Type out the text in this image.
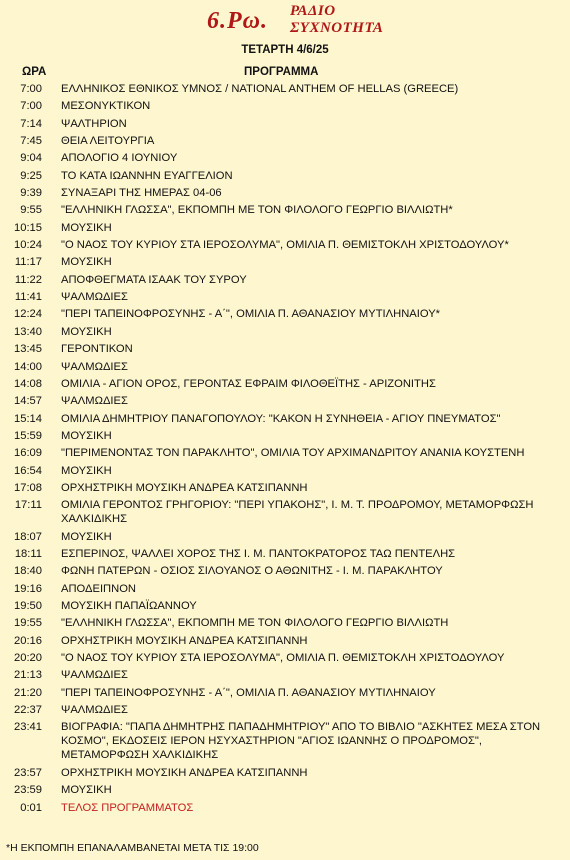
6.Ρω. ΡΑΔΙΟ
ΣΥΧΝΟΤΗΤΑ
ΤΕΤΑΡΤΗ 4/6/25
ΩΡΑ	ΠΡΟΓΡΑΜΜΑ
7:00 ΕΛΛΗΝΙΚΟΣ ΕΘΝΙΚΟΣ ΥΜΝΟΣ / NATIONAL ANTHEM OF HELLAS (GREECE)
7:00 ΜΕΣΟΝΥΚΤΙΚΟΝ
7:14 ΨΑΛΤΗΡΙΟΝ
7:45 ΘΕΙΑ ΛΕΙΤΟΥΡΓΙΑ
9:04 ΑΠΟΛΟΓΙΟ 4 ΙΟΥΝΙΟΥ
9:25 ΤΟ ΚΑΤΑ ΙΩΑΝΝΗΝ ΕΥΑΓΓΕΛΙΟΝ
9:39 ΣΥΝΑΞΑΡΙ ΤΗΣ ΗΜΕΡΑΣ 04-06
9:55 "ΕΛΛΗΝΙΚΗ ΓΛΩΣΣΑ", ΕΚΠΟΜΠΗ ΜΕ ΤΟΝ ΦΙΛΟΛΟΓΟ ΓΕΩΡΓΙΟ ΒΙΛΛΙΩΤΗ*
10:15 ΜΟΥΣΙΚΗ
10:24 "Ο ΝΑΟΣ ΤΟΥ ΚΥΡΙΟΥ ΣΤΑ ΙΕΡΟΣΟΛΥΜΑ", ΟΜΙΛΙΑ Π. ΘΕΜΙΣΤΟΚΛΗ ΧΡΙΣΤΟΔΟΥΛΟΥ*
11:17 ΜΟΥΣΙΚΗ
11:22 ΑΠΟΦΘΕΓΜΑΤΑ ΙΣΑΑΚ ΤΟΥ ΣΥΡΟΥ
11:41 ΨΑΛΜΩΔΙΕΣ
12:24 "ΠΕΡΙ ΤΑΠΕΙΝΟΦΡΟΣΥΝΗΣ - Α΄", ΟΜΙΛΙΑ Π. ΑΘΑΝΑΣΙΟΥ ΜΥΤΙΛΗΝΑΙΟΥ*
13:40 ΜΟΥΣΙΚΗ
13:45 ΓΕΡΟΝΤΙΚΟΝ
14:00 ΨΑΛΜΩΔΙΕΣ
14:08 ΟΜΙΛΙΑ - ΑΓΙΟΝ ΟΡΟΣ, ΓΕΡΟΝΤΑΣ ΕΦΡΑΙΜ ΦΙΛΟΘΕΪΤΗΣ - ΑΡΙΖΟΝΙΤΗΣ
14:57 ΨΑΛΜΩΔΙΕΣ
15:14 ΟΜΙΛΙΑ ΔΗΜΗΤΡΙΟΥ ΠΑΝΑΓΟΠΟΥΛΟΥ: "ΚΑΚΟΝ Η ΣΥΝΗΘΕΙΑ - ΑΓΙΟΥ ΠΝΕΥΜΑΤΟΣ"
15:59 ΜΟΥΣΙΚΗ
16:09 "ΠΕΡΙΜΕΝΟΝΤΑΣ ΤΟΝ ΠΑΡΑΚΛΗΤΟ", ΟΜΙΛΙΑ ΤΟΥ ΑΡΧΙΜΑΝΔΡΙΤΟΥ ΑΝΑΝΙΑ ΚΟΥΣΤΕΝΗ
16:54 ΜΟΥΣΙΚΗ
17:08 ΟΡΧΗΣΤΡΙΚΗ ΜΟΥΣΙΚΗ ΑΝΔΡΕΑ ΚΑΤΣΙΠΑΝΝΗ
17:11 ΟΜΙΛΙΑ ΓΕΡΟΝΤΟΣ ΓΡΗΓΟΡΙΟΥ: "ΠΕΡΙ ΥΠΑΚΟΗΣ", Ι. Μ. Τ. ΠΡΟΔΡΟΜΟΥ, ΜΕΤΑΜΟΡΦΩΣΗ ΧΑΛΚΙΔΙΚΗΣ
18:07 ΜΟΥΣΙΚΗ
18:11 ΕΣΠΕΡΙΝΟΣ, ΨΑΛΛΕΙ ΧΟΡΟΣ ΤΗΣ Ι. Μ. ΠΑΝΤΟΚΡΑΤΟΡΟΣ ΤΑΩ ΠΕΝΤΕΛΗΣ
18:40 ΦΩΝΗ ΠΑΤΕΡΩΝ - ΟΣΙΟΣ ΣΙΛΟΥΑΝΟΣ Ο ΑΘΩΝΙΤΗΣ - Ι. Μ. ΠΑΡΑΚΛΗΤΟΥ
19:16 ΑΠΟΔΕΙΠΝΟΝ
19:50 ΜΟΥΣΙΚΗ ΠΑΠΑΪΩΑΝΝΟΥ
19:55 "ΕΛΛΗΝΙΚΗ ΓΛΩΣΣΑ", ΕΚΠΟΜΠΗ ΜΕ ΤΟΝ ΦΙΛΟΛΟΓΟ ΓΕΩΡΓΙΟ ΒΙΛΛΙΩΤΗ
20:16 ΟΡΧΗΣΤΡΙΚΗ ΜΟΥΣΙΚΗ ΑΝΔΡΕΑ ΚΑΤΣΙΠΑΝΝΗ
20:20 "Ο ΝΑΟΣ ΤΟΥ ΚΥΡΙΟΥ ΣΤΑ ΙΕΡΟΣΟΛΥΜΑ", ΟΜΙΛΙΑ Π. ΘΕΜΙΣΤΟΚΛΗ ΧΡΙΣΤΟΔΟΥΛΟΥ
21:13 ΨΑΛΜΩΔΙΕΣ
21:20 "ΠΕΡΙ ΤΑΠΕΙΝΟΦΡΟΣΥΝΗΣ - Α΄", ΟΜΙΛΙΑ Π. ΑΘΑΝΑΣΙΟΥ ΜΥΤΙΛΗΝΑΙΟΥ
22:37 ΨΑΛΜΩΔΙΕΣ
23:41 ΒΙΟΓΡΑΦΙΑ: "ΠΑΠΑ ΔΗΜΗΤΡΗΣ ΠΑΠΑΔΗΜΗΤΡΙΟΥ" ΑΠΟ ΤΟ ΒΙΒΛΙΟ "ΑΣΚΗΤΕΣ ΜΕΣΑ ΣΤΟΝ ΚΟΣΜΟ", ΕΚΔΟΣΕΙΣ ΙΕΡΟΝ ΗΣΥΧΑΣΤΗΡΙΟΝ "ΑΓΙΟΣ ΙΩΑΝΝΗΣ Ο ΠΡΟΔΡΟΜΟΣ", ΜΕΤΑΜΟΡΦΩΣΗ ΧΑΛΚΙΔΙΚΗΣ
23:57 ΟΡΧΗΣΤΡΙΚΗ ΜΟΥΣΙΚΗ ΑΝΔΡΕΑ ΚΑΤΣΙΠΑΝΝΗ
23:59 ΜΟΥΣΙΚΗ
0:01 ΤΕΛΟΣ ΠΡΟΓΡΑΜΜΑΤΟΣ
*Η ΕΚΠΟΜΠΗ ΕΠΑΝΑΛΑΜΒΑΝΕΤΑΙ ΜΕΤΑ ΤΙΣ 19:00
